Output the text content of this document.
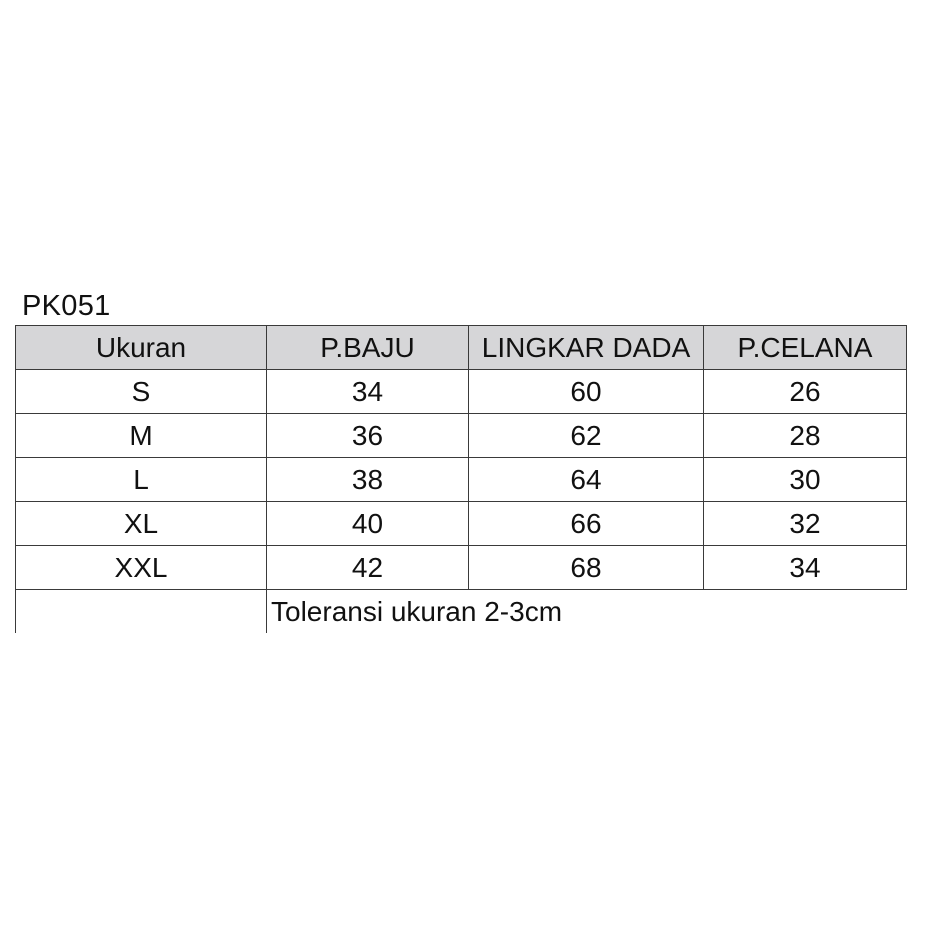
PK051
Ukuran	P.BAJU	LINGKAR DADA	P.CELANA
S	34	60	26
M	36	62	28
L	38	64	30
XL	40	66	32
XXL	42	68	34
	Toleransi ukuran 2-3cm		
